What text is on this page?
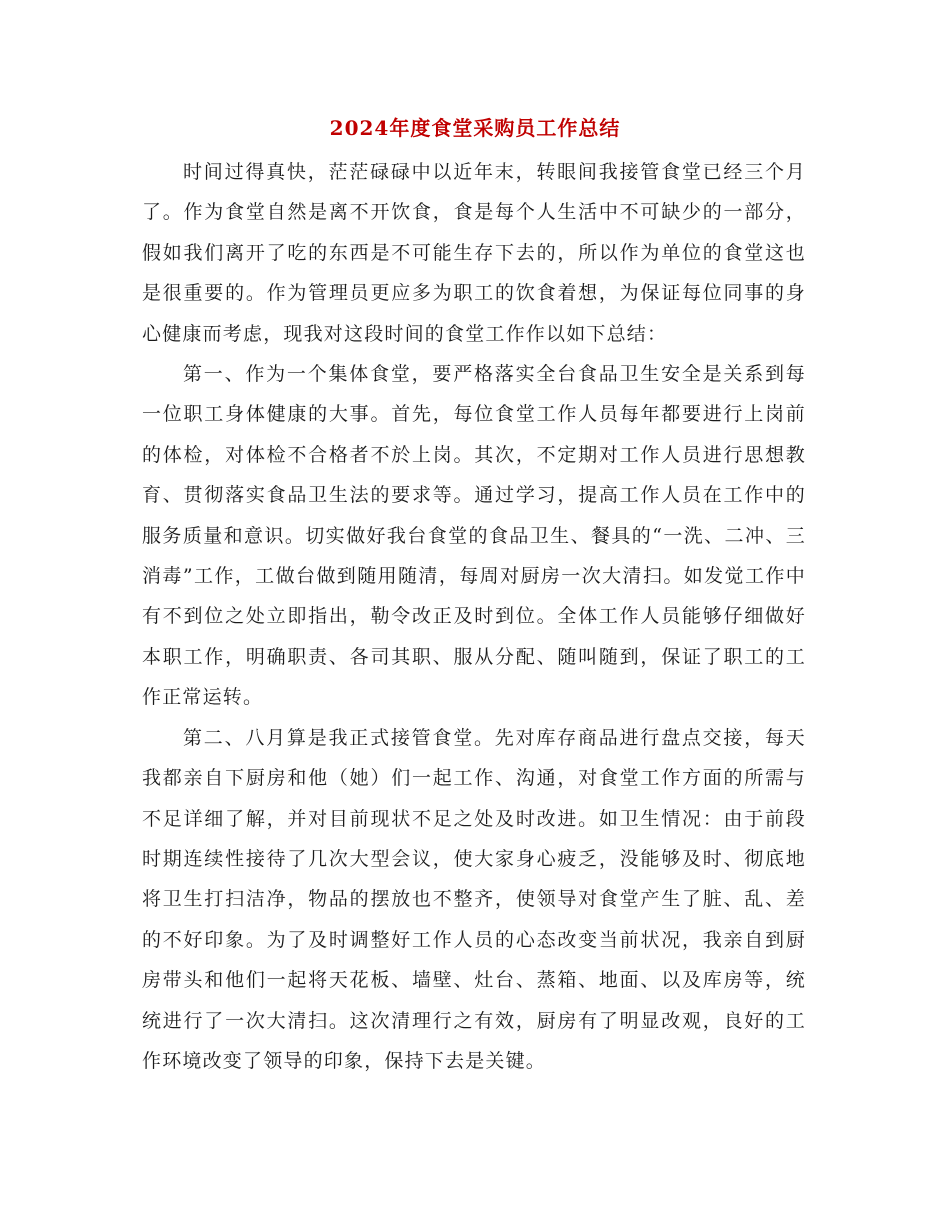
2024年度食堂采购员工作总结

时间过得真快，茫茫碌碌中以近年末，转眼间我接管食堂已经三个月了。作为食堂自然是离不开饮食，食是每个人生活中不可缺少的一部分，假如我们离开了吃的东西是不可能生存下去的，所以作为单位的食堂这也是很重要的。作为管理员更应多为职工的饮食着想，为保证每位同事的身心健康而考虑，现我对这段时间的食堂工作作以如下总结：

第一、作为一个集体食堂，要严格落实全台食品卫生安全是关系到每一位职工身体健康的大事。首先，每位食堂工作人员每年都要进行上岗前的体检，对体检不合格者不於上岗。其次，不定期对工作人员进行思想教育、贯彻落实食品卫生法的要求等。通过学习，提高工作人员在工作中的服务质量和意识。切实做好我台食堂的食品卫生、餐具的“一洗、二冲、三消毒”工作，工做台做到随用随清，每周对厨房一次大清扫。如发觉工作中有不到位之处立即指出，勒令改正及时到位。全体工作人员能够仔细做好本职工作，明确职责、各司其职、服从分配、随叫随到，保证了职工的工作正常运转。

第二、八月算是我正式接管食堂。先对库存商品进行盘点交接，每天我都亲自下厨房和他（她）们一起工作、沟通，对食堂工作方面的所需与不足详细了解，并对目前现状不足之处及时改进。如卫生情况：由于前段时期连续性接待了几次大型会议，使大家身心疲乏，没能够及时、彻底地将卫生打扫洁净，物品的摆放也不整齐，使领导对食堂产生了脏、乱、差的不好印象。为了及时调整好工作人员的心态改变当前状况，我亲自到厨房带头和他们一起将天花板、墙壁、灶台、蒸箱、地面、以及库房等，统统进行了一次大清扫。这次清理行之有效，厨房有了明显改观，良好的工作环境改变了领导的印象，保持下去是关键。
